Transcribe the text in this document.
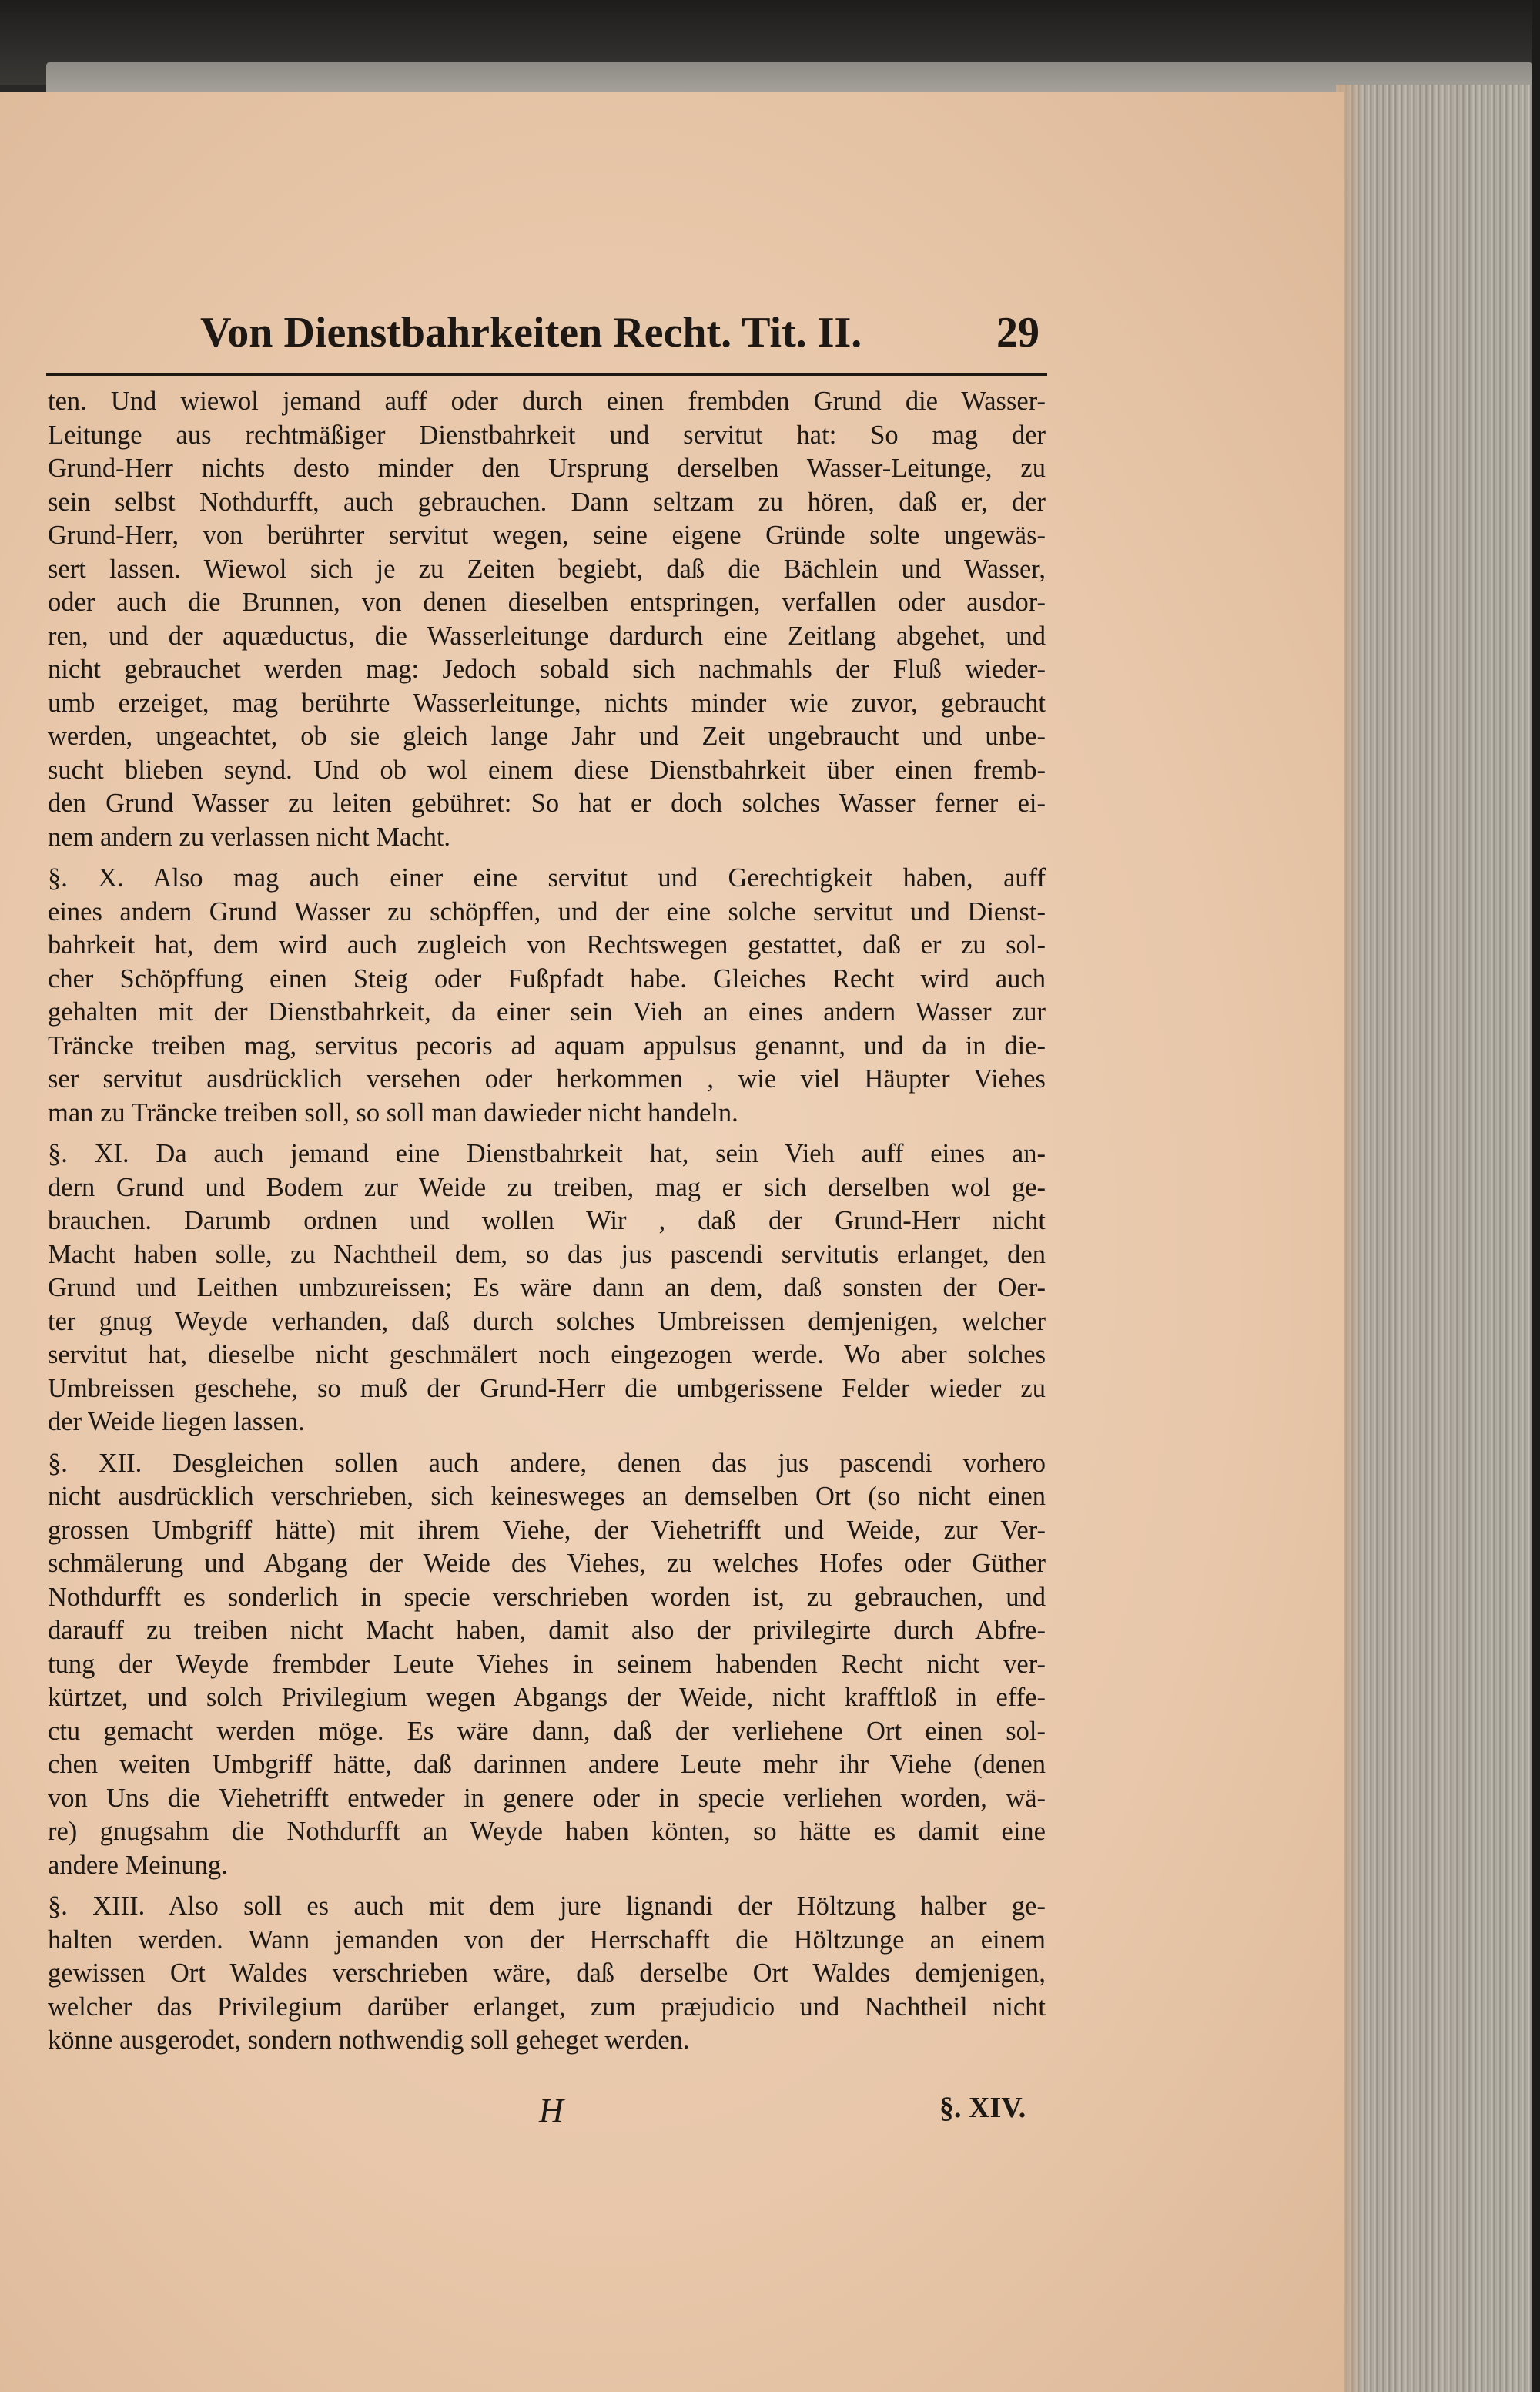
Von Dienstbahrkeiten Recht. Tit. II.	29
ten. Und wiewol jemand auff oder durch einen frembden Grund die Wasser-
Leitunge aus rechtmäßiger Dienstbahrkeit und servitut hat: So mag der
Grund-Herr nichts desto minder den Ursprung derselben Wasser-Leitunge, zu
sein selbst Nothdurfft, auch gebrauchen. Dann seltzam zu hören, daß er, der
Grund-Herr, von berührter servitut wegen, seine eigene Gründe solte ungewäs-
sert lassen. Wiewol sich je zu Zeiten begiebt, daß die Bächlein und Wasser,
oder auch die Brunnen, von denen dieselben entspringen, verfallen oder ausdor-
ren, und der aquæductus, die Wasserleitunge dardurch eine Zeitlang abgehet, und
nicht gebrauchet werden mag: Jedoch sobald sich nachmahls der Fluß wieder-
umb erzeiget, mag berührte Wasserleitunge, nichts minder wie zuvor, gebraucht
werden, ungeachtet, ob sie gleich lange Jahr und Zeit ungebraucht und unbe-
sucht blieben seynd. Und ob wol einem diese Dienstbahrkeit über einen fremb-
den Grund Wasser zu leiten gebühret: So hat er doch solches Wasser ferner ei-
nem andern zu verlassen nicht Macht.
§. X. Also mag auch einer eine servitut und Gerechtigkeit haben, auff
eines andern Grund Wasser zu schöpffen, und der eine solche servitut und Dienst-
bahrkeit hat, dem wird auch zugleich von Rechtswegen gestattet, daß er zu sol-
cher Schöpffung einen Steig oder Fußpfadt habe. Gleiches Recht wird auch
gehalten mit der Dienstbahrkeit, da einer sein Vieh an eines andern Wasser zur
Träncke treiben mag, servitus pecoris ad aquam appulsus genannt, und da in die-
ser servitut ausdrücklich versehen oder herkommen , wie viel Häupter Viehes
man zu Träncke treiben soll, so soll man dawieder nicht handeln.
§. XI. Da auch jemand eine Dienstbahrkeit hat, sein Vieh auff eines an-
dern Grund und Bodem zur Weide zu treiben, mag er sich derselben wol ge-
brauchen. Darumb ordnen und wollen Wir , daß der Grund-Herr nicht
Macht haben solle, zu Nachtheil dem, so das jus pascendi servitutis erlanget, den
Grund und Leithen umbzureissen; Es wäre dann an dem, daß sonsten der Oer-
ter gnug Weyde verhanden, daß durch solches Umbreissen demjenigen, welcher
servitut hat, dieselbe nicht geschmälert noch eingezogen werde. Wo aber solches
Umbreissen geschehe, so muß der Grund-Herr die umbgerissene Felder wieder zu
der Weide liegen lassen.
§. XII. Desgleichen sollen auch andere, denen das jus pascendi vorhero
nicht ausdrücklich verschrieben, sich keinesweges an demselben Ort (so nicht einen
grossen Umbgriff hätte) mit ihrem Viehe, der Viehetrifft und Weide, zur Ver-
schmälerung und Abgang der Weide des Viehes, zu welches Hofes oder Güther
Nothdurfft es sonderlich in specie verschrieben worden ist, zu gebrauchen, und
darauff zu treiben nicht Macht haben, damit also der privilegirte durch Abfre-
tung der Weyde frembder Leute Viehes in seinem habenden Recht nicht ver-
kürtzet, und solch Privilegium wegen Abgangs der Weide, nicht krafftloß in effe-
ctu gemacht werden möge. Es wäre dann, daß der verliehene Ort einen sol-
chen weiten Umbgriff hätte, daß darinnen andere Leute mehr ihr Viehe (denen
von Uns die Viehetrifft entweder in genere oder in specie verliehen worden, wä-
re) gnugsahm die Nothdurfft an Weyde haben könten, so hätte es damit eine
andere Meinung.
§. XIII. Also soll es auch mit dem jure lignandi der Höltzung halber ge-
halten werden. Wann jemanden von der Herrschafft die Höltzunge an einem
gewissen Ort Waldes verschrieben wäre, daß derselbe Ort Waldes demjenigen,
welcher das Privilegium darüber erlanget, zum præjudicio und Nachtheil nicht
könne ausgerodet, sondern nothwendig soll geheget werden.
H	§. XIV.
